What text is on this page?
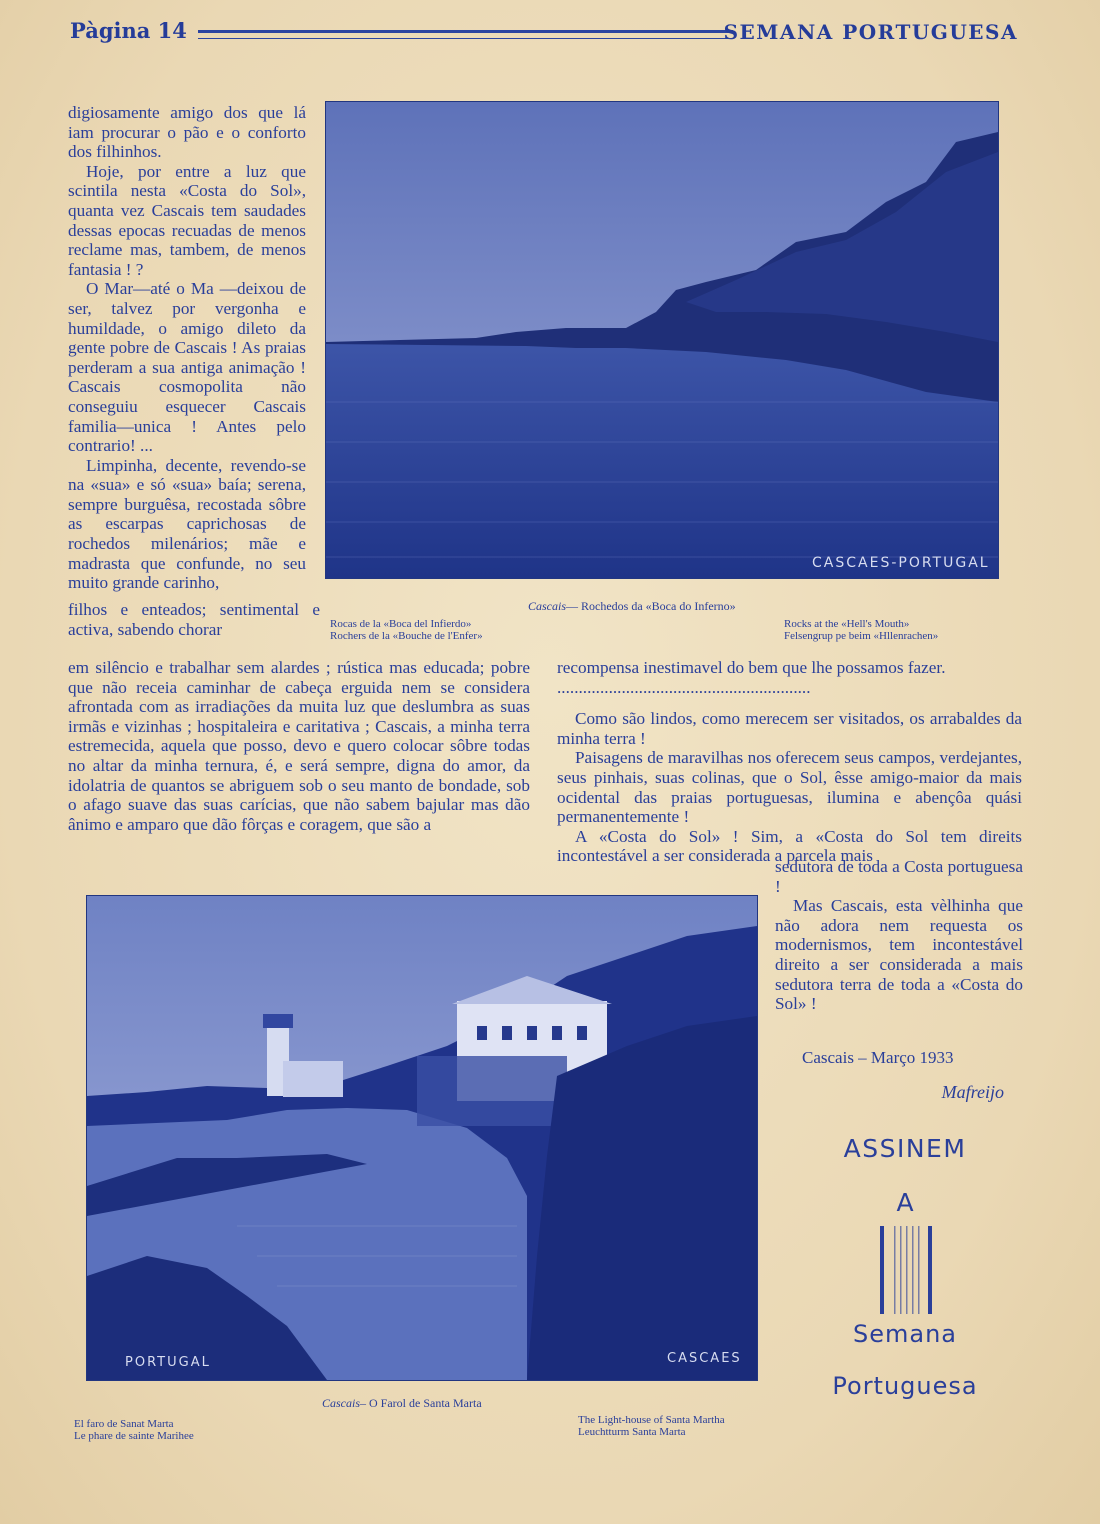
Pàgina 14	SEMANA PORTUGUESA

digiosamente amigo dos que lá iam procurar o pão e o conforto dos filhinhos.

Hoje, por entre a luz que scintila nesta «Costa do Sol», quanta vez Cascais tem saudades dessas epocas recuadas de menos reclame mas, tambem, de menos fantasia ! ?

O Mar—até o Ma —deixou de ser, talvez por vergonha e humildade, o amigo dileto da gente pobre de Cascais ! As praias perderam a sua antiga animação ! Cascais cosmopolita não conseguiu esquecer Cascais familia—unica ! Antes pelo contrario! ...

Limpinha, decente, revendo-se na «sua» e só «sua» baía; serena, sempre burguêsa, recostada sôbre as escarpas caprichosas de rochedos milenários; mãe e madrasta que confunde, no seu muito grande carinho,

filhos e enteados; sentimental e activa, sabendo chorar

CASCAES-PORTUGAL
Cascais— Rochedos da «Boca do Inferno»
Rocas de la «Boca del Infierdo»
Rochers de la «Bouche de l'Enfer»
Rocks at the «Hell's Mouth»
Felsengrup pe beim «Hllenrachen»

em silêncio e trabalhar sem alardes ; rústica mas educada; pobre que não receia caminhar de cabeça erguida nem se considera afrontada com as irradiações da muita luz que deslumbra as suas irmãs e vizinhas ; hospitaleira e caritativa ; Cascais, a minha terra estremecida, aquela que posso, devo e quero colocar sôbre todas no altar da minha ternura, é, e será sempre, digna do amor, da idolatria de quantos se abriguem sob o seu manto de bondade, sob o afago suave das suas carícias, que não sabem bajular mas dão ânimo e amparo que dão fôrças e coragem, que são a

recompensa inestimavel do bem que lhe possamos fazer.

...........................................................

Como são lindos, como merecem ser visitados, os arrabaldes da minha terra !

Paisagens de maravilhas nos oferecem seus campos, verdejantes, seus pinhais, suas colinas, que o Sol, êsse amigo-maior da mais ocidental das praias portuguesas, ilumina e abençôa quási permanentemente !

A «Costa do Sol» ! Sim, a «Costa do Sol tem direits incontestável a ser considerada a parcela mais

sedutora de toda a Costa portuguesa !

Mas Cascais, esta vèlhinha que não adora nem requesta os modernismos, tem incontestável direito a ser considerada a mais sedutora terra de toda a «Costa do Sol» !

Cascais – Março 1933
Mafreijo
PORTUGAL	CASCAES
Cascais– O Farol de Santa Marta
El faro de Sanat Marta
Le phare de sainte Marihee
The Light-house of Santa Martha
Leuchtturm Santa Marta
ASSINEM
A
Semana
Portuguesa
